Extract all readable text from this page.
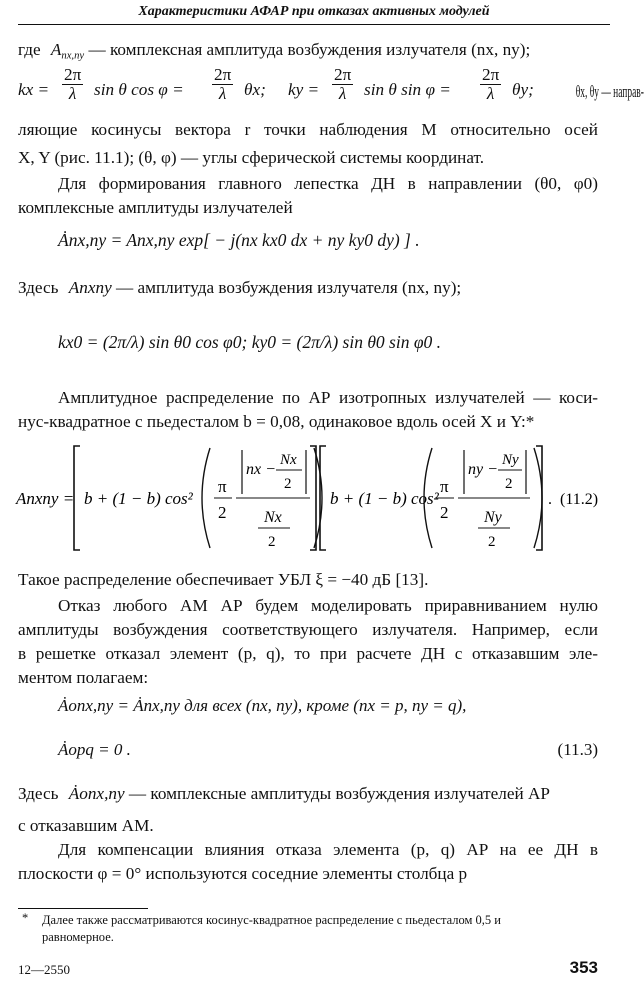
Характеристики АФАР при отказах активных модулей
где $A_{nx,ny}$ — комплексная амплитуда возбуждения излучателя (nx, ny);
kx = $\frac{2\pi}{\lambda}$ sin θ $\cos \varphi = \frac{2\pi}{\lambda} \theta x$; ky = $\frac{2\pi}{\lambda}$ sin θ $\sin \varphi = \frac{2\pi}{\lambda} \theta y$;	θx, θy — направ-
ляющие косинусы вектора r точки наблюдения M относительно осей
X, Y (рис. 11.1); (θ, φ) — углы сферической системы координат.
Для формирования главного лепестка ДН в направлении (θ0, φ0)
комплексные амплитуды излучателей
Ȧnx,ny = Anx,ny exp[ − j(nx kx0 dx + ny ky0 dy) ] .
Здесь Anxny — амплитуда возбуждения излучателя (nx, ny);
kx0 = (2π/λ) sin θ0 cos φ0; ky0 = (2π/λ) sin θ0 sin φ0 .
Амплитудное распределение по АР изотропных излучателей — коси-
нус-квадратное с пьедесталом b = 0,08, одинаковое вдоль осей X и Y:*
Anxny = b + (1 − b) cos²
π
2
nx −
Nx
2
Nx
2
b + (1 − b) cos²
π
2
ny −
Ny
2
Ny
2
. (11.2)
Такое распределение обеспечивает УБЛ ξ = −40 дБ [13].
Отказ любого АМ АР будем моделировать приравниванием нулю
амплитуды возбуждения соответствующего излучателя. Например, если
в решетке отказал элемент (p, q), то при расчете ДН с отказавшим эле-
ментом полагаем:
Ȧonx,ny = Ȧnx,ny для всех (nx, ny), кроме (nx = p, ny = q),
Ȧopq = 0 .	(11.3)
Здесь Ȧonx,ny — комплексные амплитуды возбуждения излучателей АР
с отказавшим АМ.
Для компенсации влияния отказа элемента (p, q) АР на ее ДН в
плоскости φ = 0° используются соседние элементы столбца p
*	Далее также рассматриваются косинус-квадратное распределение с пьедесталом 0,5 и
равномерное.
12—2550	353
